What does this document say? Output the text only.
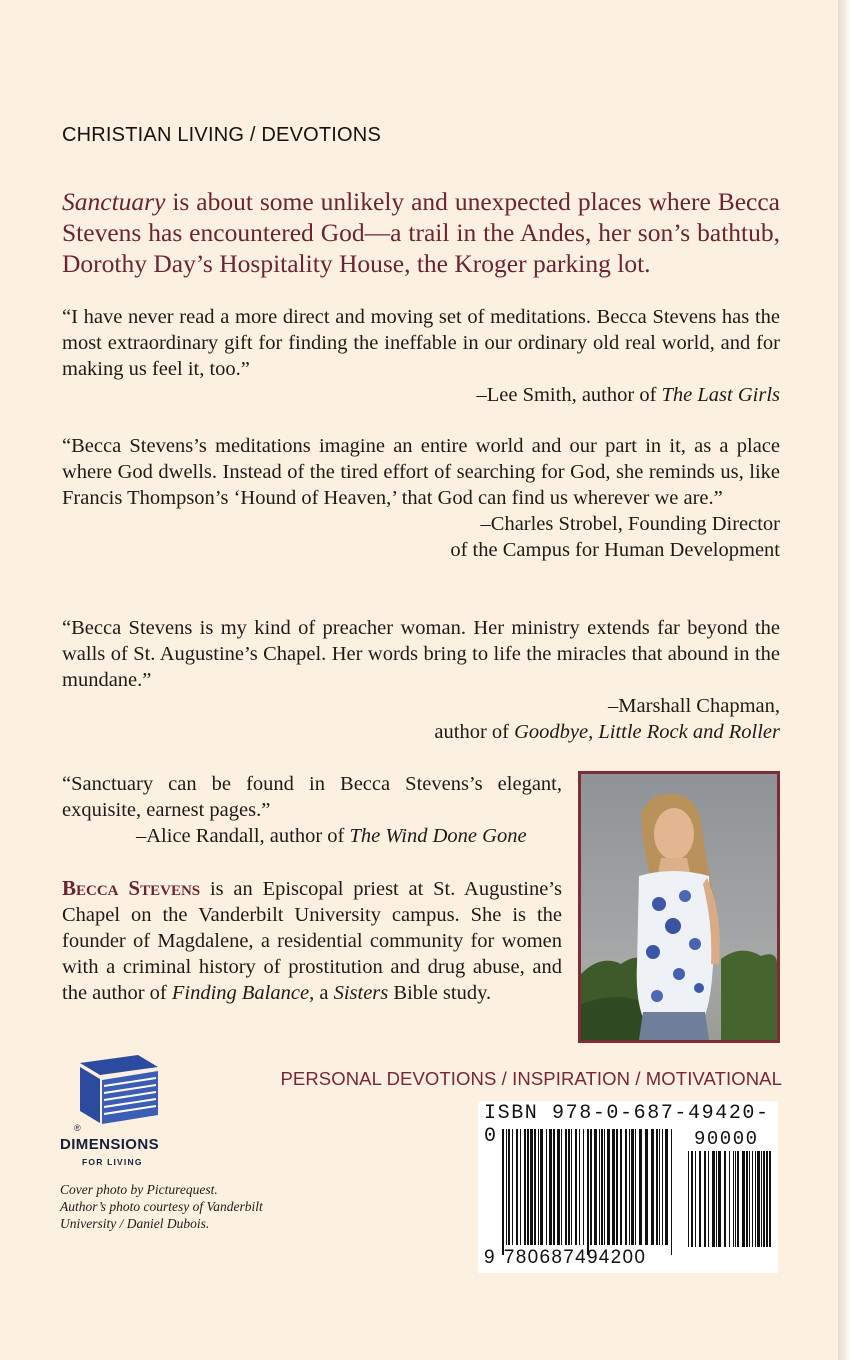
CHRISTIAN LIVING / DEVOTIONS
Sanctuary is about some unlikely and unexpected places where Becca Stevens has encountered God—a trail in the Andes, her son’s bathtub, Dorothy Day’s Hospitality House, the Kroger parking lot.
“I have never read a more direct and moving set of meditations. Becca Stevens has the most extraordinary gift for finding the ineffable in our ordinary old real world, and for making us feel it, too.”
–Lee Smith, author of The Last Girls
“Becca Stevens’s meditations imagine an entire world and our part in it, as a place where God dwells. Instead of the tired effort of searching for God, she reminds us, like Francis Thompson’s ‘Hound of Heaven,’ that God can find us wherever we are.”
–Charles Strobel, Founding Director
of the Campus for Human Development
“Becca Stevens is my kind of preacher woman. Her ministry extends far beyond the walls of St. Augustine’s Chapel. Her words bring to life the miracles that abound in the mundane.”
–Marshall Chapman,
author of Goodbye, Little Rock and Roller
“Sanctuary can be found in Becca Stevens’s elegant, exquisite, earnest pages.”
–Alice Randall, author of The Wind Done Gone
Becca Stevens is an Episcopal priest at St. Augustine’s Chapel on the Vanderbilt University campus. She is the founder of Magdalene, a residential community for women with a criminal history of prostitution and drug abuse, and the author of Finding Balance, a Sisters Bible study.
PERSONAL DEVOTIONS / INSPIRATION / MOTIVATIONAL
®
DIMENSIONS
FOR LIVING
Cover photo by Picturequest.
Author’s photo courtesy of Vanderbilt
University / Daniel Dubois.
ISBN 978-0-687-49420-0	90000
9 780687494200
